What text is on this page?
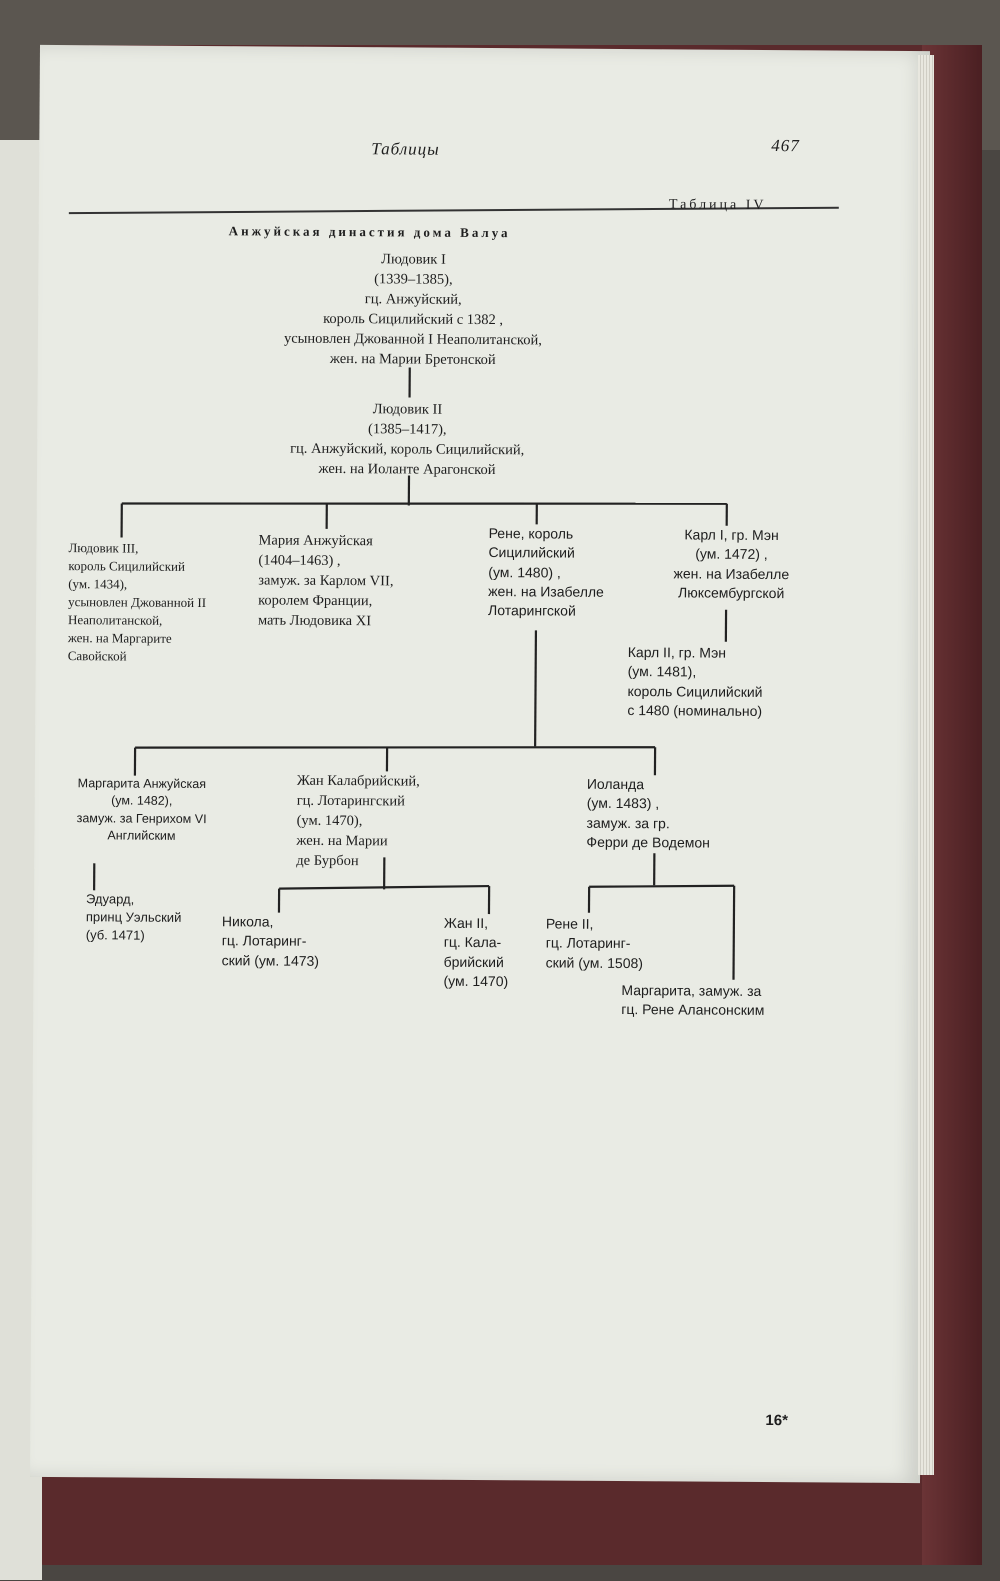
Таблицы	467
Таблица IV
Анжуйская династия дома Валуа
Людовик I
(1339–1385),
гц. Анжуйский,
король Сицилийский с 1382 ,
усыновлен Джованной I Неаполитанской,
жен. на Марии Бретонской
Людовик II
(1385–1417),
гц. Анжуйский, король Сицилийский,
жен. на Иоланте Арагонской
Людовик III,
король Сицилийский
(ум. 1434),
усыновлен Джованной II
Неаполитанской,
жен. на Маргарите
Савойской
Мария Анжуйская
(1404–1463) ,
замуж. за Карлом VII,
королем Франции,
мать Людовика XI
Рене, король
Сицилийский
(ум. 1480) ,
жен. на Изабелле
Лотарингской
Карл I, гр. Мэн
(ум. 1472) ,
жен. на Изабелле
Люксембургской
Карл II, гр. Мэн
(ум. 1481),
король Сицилийский
с 1480 (номинально)
Маргарита Анжуйская
(ум. 1482),
замуж. за Генрихом VI
Английским
Жан Калабрийский,
гц. Лотарингский
(ум. 1470),
жен. на Марии
де Бурбон
Иоланда
(ум. 1483) ,
замуж. за гр.
Ферри де Водемон
Эдуард,
принц Уэльский
(уб. 1471)
Никола,
гц. Лотаринг-
ский (ум. 1473)
Жан II,
гц. Кала-
брийский
(ум. 1470)
Рене II,
гц. Лотаринг-
ский (ум. 1508)
Маргарита, замуж. за
гц. Рене Алансонским
16*
